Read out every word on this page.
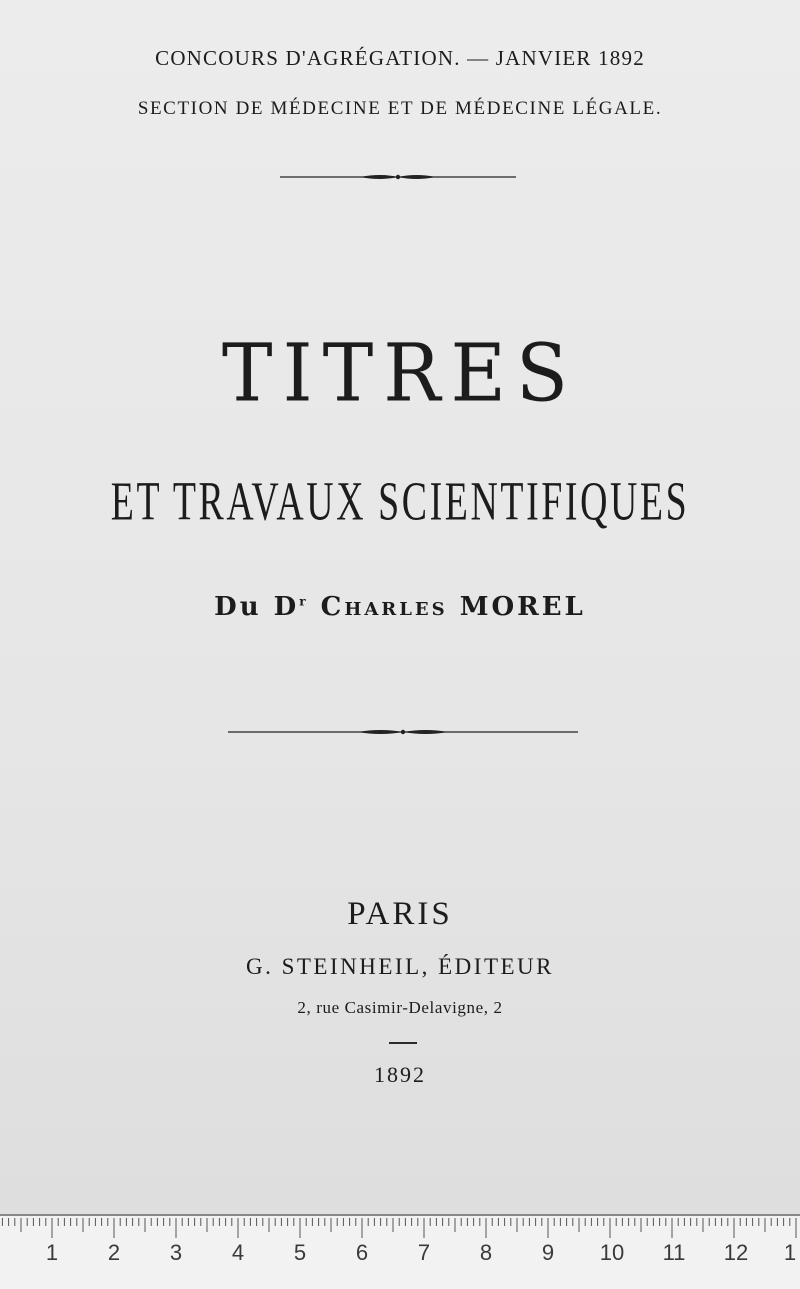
CONCOURS D'AGRÉGATION. — JANVIER 1892
SECTION DE MÉDECINE ET DE MÉDECINE LÉGALE.
TITRES
ET TRAVAUX SCIENTIFIQUES
Du $D^r$ Charles MOREL
PARIS
G. STEINHEIL, ÉDITEUR
2, rue Casimir-Delavigne, 2
1892
1 2 3 4 5 6 7 8 9 10 11 12 1
